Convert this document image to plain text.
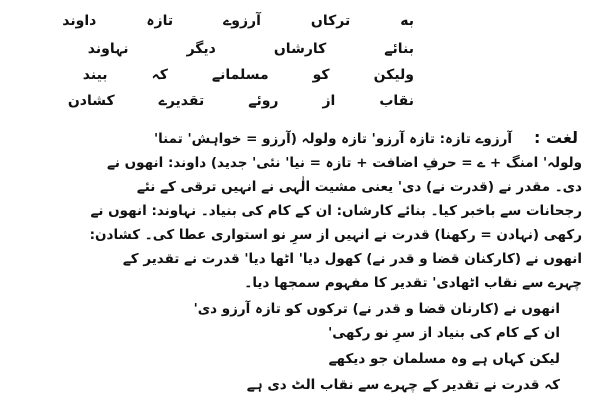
به
ترکاں
آرزوے
تازہ
داوند
بنائے
کارشاں
دیگر
نہاوند
ولیکن
کو
مسلمانے
کہ
بیند
نقاب
از
روئے
تقدیرے
کشادن
لغت :
آرزوے تازہ: تازہ آرزو' تازہ ولولہ (آرزو = خواہش' تمنا'
ولولہ' امنگ + ے = حرفِ اضافت + تازہ = نیا' نئی' جدید) داوند: انھوں نے
دی۔ مقدر نے (قدرت نے) دی' یعنی مشیت الٰہی نے انہیں ترقی کے نئے
رجحانات سے باخبر کیا۔ بنائے کارشاں: ان کے کام کی بنیاد۔ نہاوند: انھوں نے
رکھی (نہادن = رکھنا) قدرت نے انہیں از سرِ نو استواری عطا کی۔ کشادن:
انھوں نے (کارکنان قضا و قدر نے) کھول دیا' اٹھا دیا' قدرت نے تقدیر کے
چہرے سے نقاب اٹھادی' تقدیر کا مفہوم سمجھا دیا۔
انھوں نے (کارنان قضا و قدر نے) ترکوں کو تازہ آرزو دی'
ان کے کام کی بنیاد از سرِ نو رکھی'
لیکن کہاں ہے وہ مسلمان جو دیکھے
کہ قدرت نے تقدیر کے چہرے سے نقاب الٹ دی ہے
